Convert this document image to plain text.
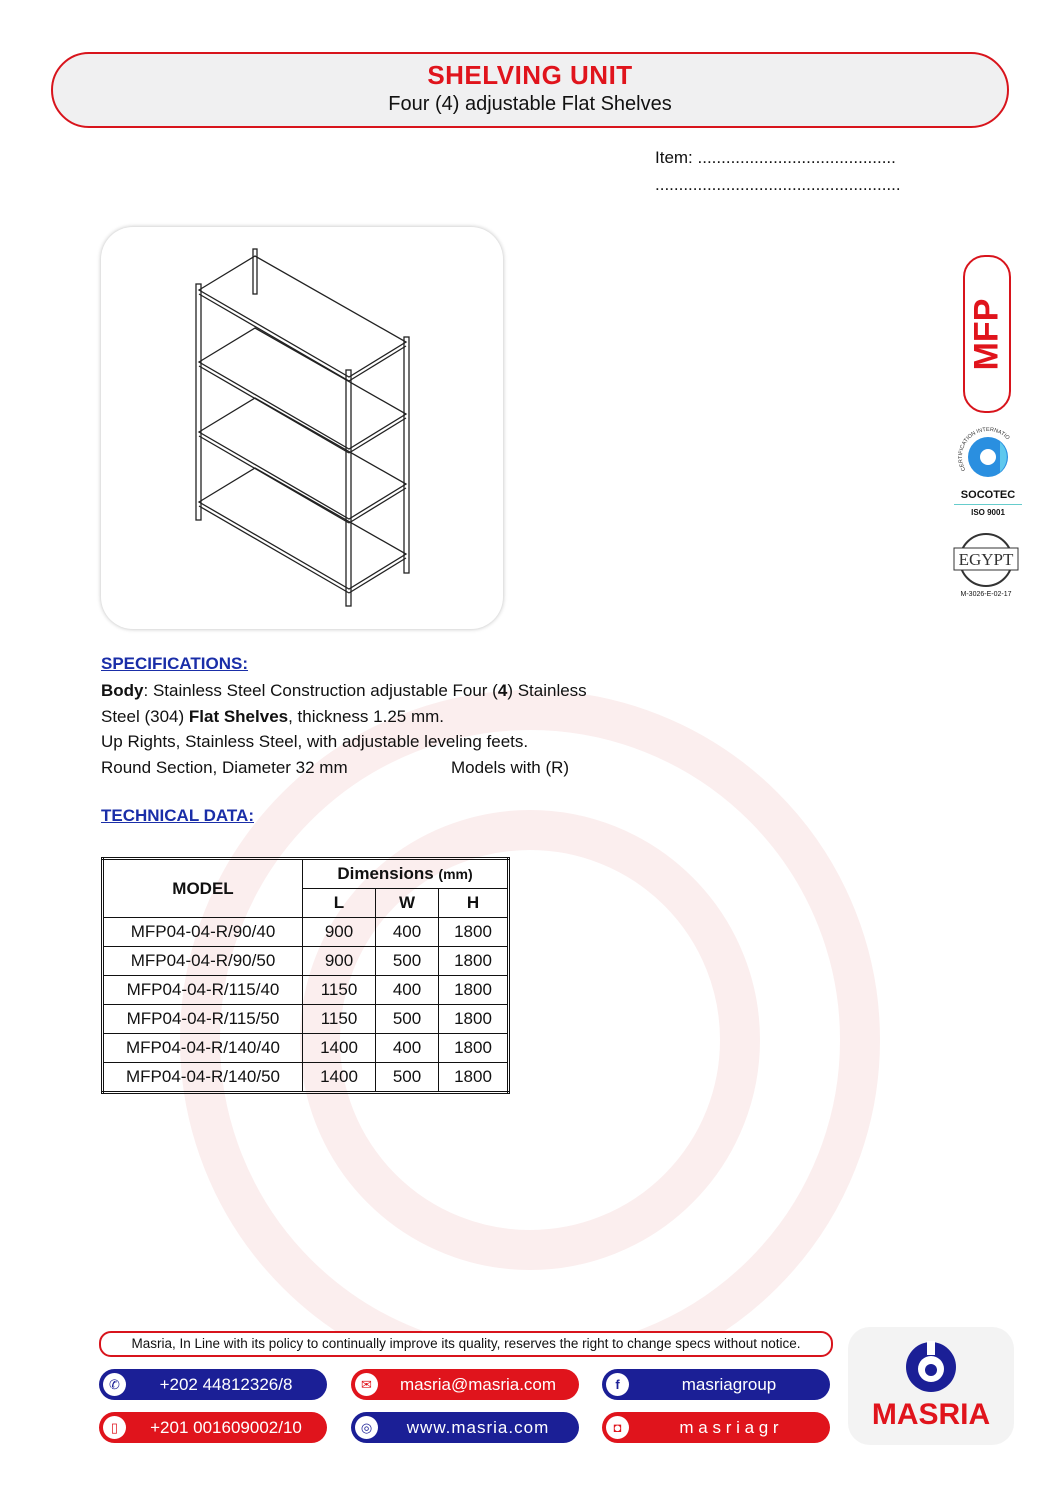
SHELVING UNIT
Four (4) adjustable Flat Shelves
Item: ..........................................
....................................................
MFP
CERTIFICATION INTERNATIO
SOCOTEC
ISO 9001
EGYPT
M-3026-E-02-17
SPECIFICATIONS:
Body: Stainless Steel Construction adjustable Four (4) Stainless
Steel (304) Flat Shelves, thickness 1.25 mm.
Up Rights, Stainless Steel, with adjustable leveling feets.
Round Section, Diameter 32 mm	Models with (R)
TECHNICAL DATA:
MODEL	Dimensions (mm)		
	L	W	H
MFP04-04-R/90/40	900	400	1800
MFP04-04-R/90/50	900	500	1800
MFP04-04-R/115/40	1150	400	1800
MFP04-04-R/115/50	1150	500	1800
MFP04-04-R/140/40	1400	400	1800
MFP04-04-R/140/50	1400	500	1800
Masria, In Line with its policy to continually improve its quality, reserves the right to change specs without notice.
✆	+202 44812326/8
▯	+201 001609002/10
✉	masria@masria.com
◎	www.masria.com
f	masriagroup
◘	m a s r i a g r	MASRIA
